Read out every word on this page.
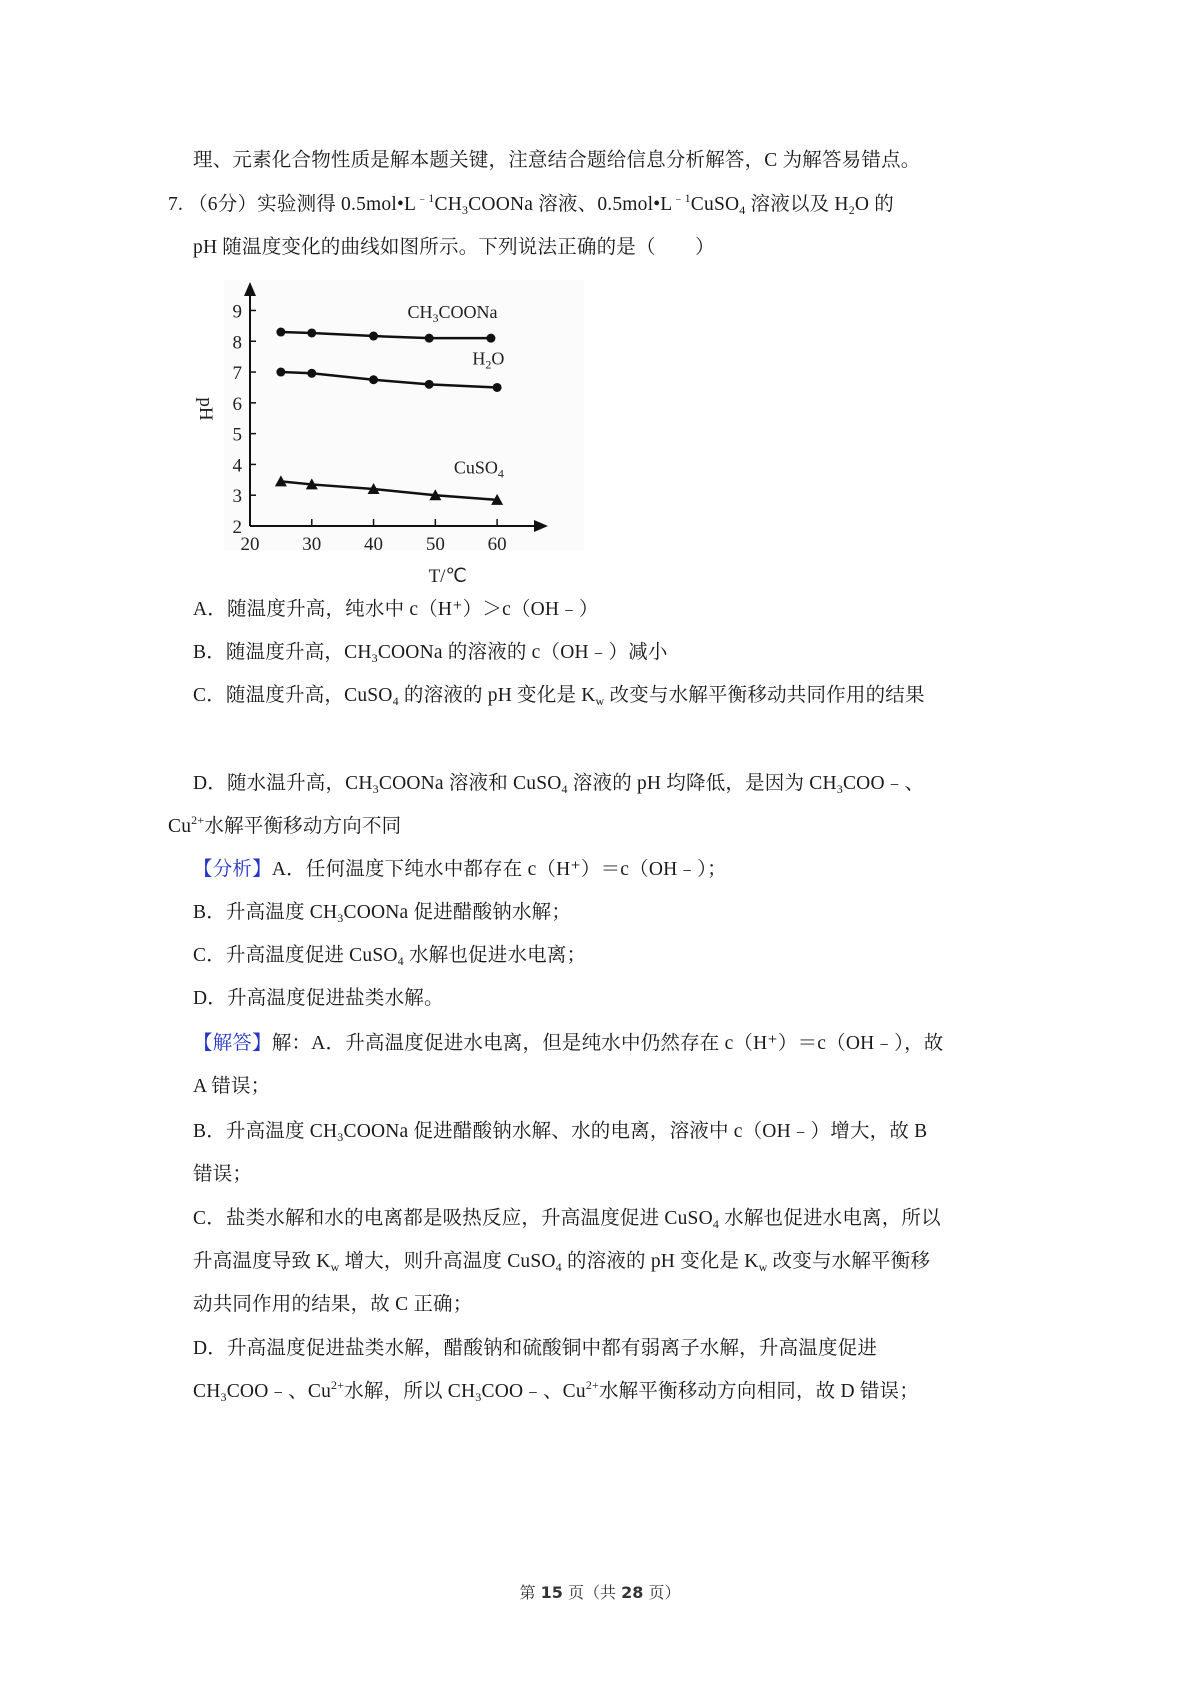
理、元素化合物性质是解本题关键，注意结合题给信息分析解答，C 为解答易错点。
7. （6分）实验测得 $0.5mol•L^{﹣1}CH_3COONa$ 溶液、$0.5mol•L^{﹣1}CuSO_4$ 溶液以及 $H_2O$ 的
pH 随温度变化的曲线如图所示。下列说法正确的是（　　）
2
3
4
5
6
7
8
9
20 30 40 50 60
$CH_3COONa$
$H_2O$
CuSO$_4$
pH
T/℃
A．随温度升高，纯水中 c（H⁺）＞c（OH﹣）
B．随温度升高，$CH_3COONa$ 的溶液的 c（OH﹣）减小
C．随温度升高，CuSO$_4$ 的溶液的 pH 变化是 $K_w$ 改变与水解平衡移动共同作用的结果
D．随水温升高，$CH_3COONa$ 溶液和 CuSO$_4$ 溶液的 pH 均降低，是因为 $CH_3COO﹣$、
$Cu^{2+}$水解平衡移动方向不同
【分析】A．任何温度下纯水中都存在 c（H⁺）＝c（OH﹣）；
B．升高温度 $CH_3COONa$ 促进醋酸钠水解；
C．升高温度促进 CuSO$_4$ 水解也促进水电离；
D．升高温度促进盐类水解。
【解答】解：A．升高温度促进水电离，但是纯水中仍然存在 c（H⁺）＝c（OH﹣），故
A 错误；
B．升高温度 $CH_3COONa$ 促进醋酸钠水解、水的电离，溶液中 c（OH﹣）增大，故 B
错误；
C．盐类水解和水的电离都是吸热反应，升高温度促进 CuSO$_4$ 水解也促进水电离，所以
升高温度导致 $K_w$ 增大，则升高温度 CuSO$_4$ 的溶液的 pH 变化是 $K_w$ 改变与水解平衡移
动共同作用的结果，故 C 正确；
D．升高温度促进盐类水解，醋酸钠和硫酸铜中都有弱离子水解，升高温度促进
$CH_3COO﹣$、$Cu^{2+}$水解，所以 $CH_3COO﹣$、$Cu^{2+}$水解平衡移动方向相同，故 D 错误；
第 15 页（共 28 页）
